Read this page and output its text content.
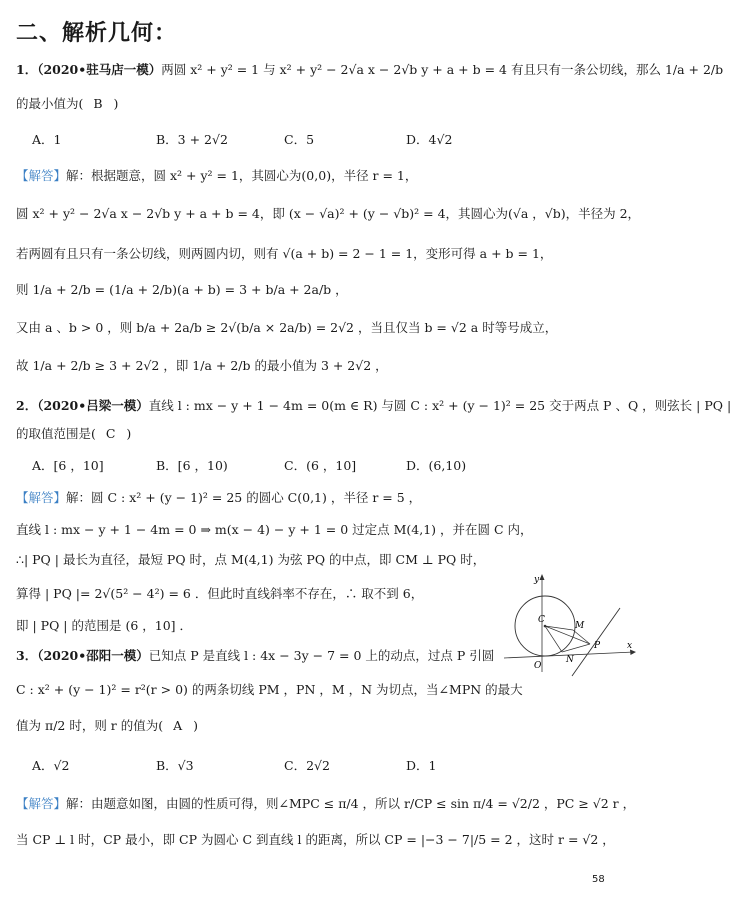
二、解析几何：
1．（2020•驻马店一模）两圆 x² + y² = 1 与 x² + y² − 2√a x − 2√b y + a + b = 4 有且只有一条公切线，那么 1/a + 2/b
的最小值为( B )
A．1	B．3 + 2√2	C．5	D．4√2
【解答】解：根据题意，圆 x² + y² = 1，其圆心为(0,0)，半径 r = 1，
圆 x² + y² − 2√a x − 2√b y + a + b = 4，即 (x − √a)² + (y − √b)² = 4，其圆心为(√a ，√b)，半径为 2，
若两圆有且只有一条公切线，则两圆内切，则有 √(a + b) = 2 − 1 = 1，变形可得 a + b = 1，
则 1/a + 2/b = (1/a + 2/b)(a + b) = 3 + b/a + 2a/b ，
又由 a 、b > 0 ，则 b/a + 2a/b ≥ 2√(b/a × 2a/b) = 2√2 ，当且仅当 b = √2 a 时等号成立，
故 1/a + 2/b ≥ 3 + 2√2 ，即 1/a + 2/b 的最小值为 3 + 2√2 ，
2．（2020•吕梁一模）直线 l : mx − y + 1 − 4m = 0(m ∈ R) 与圆 C : x² + (y − 1)² = 25 交于两点 P 、Q ，则弦长 | PQ |
的取值范围是( C )
A．[6 ，10]	B．[6 ，10)	C．(6 ，10]	D．(6,10)
【解答】解：圆 C : x² + (y − 1)² = 25 的圆心 C(0,1) ，半径 r = 5 ，
直线 l : mx − y + 1 − 4m = 0 ⇒ m(x − 4) − y + 1 = 0 过定点 M(4,1) ，并在圆 C 内，
∴| PQ | 最长为直径，最短 PQ 时，点 M(4,1) 为弦 PQ 的中点，即 CM ⊥ PQ 时，
算得 | PQ |= 2√(5² − 4²) = 6 ．但此时直线斜率不存在，∴ 取不到 6，
即 | PQ | 的范围是 (6 ，10] ．
3．（2020•邵阳一模）已知点 P 是直线 l : 4x − 3y − 7 = 0 上的动点，过点 P 引圆
C : x² + (y − 1)² = r²(r > 0) 的两条切线 PM ，PN ，M ，N 为切点，当∠MPN 的最大
值为 π/2 时，则 r 的值为( A )
A．√2	B．√3	C．2√2	D．1
【解答】解：由题意如图，由圆的性质可得，则∠MPC ≤ π/4 ，所以 r/CP ≤ sin π/4 = √2/2 ，PC ≥ √2 r ，
当 CP ⊥ l 时，CP 最小，即 CP 为圆心 C 到直线 l 的距离，所以 CP = |−3 − 7|/5 = 2 ，这时 r = √2 ，
y
x
O
C
M
N
P
58
